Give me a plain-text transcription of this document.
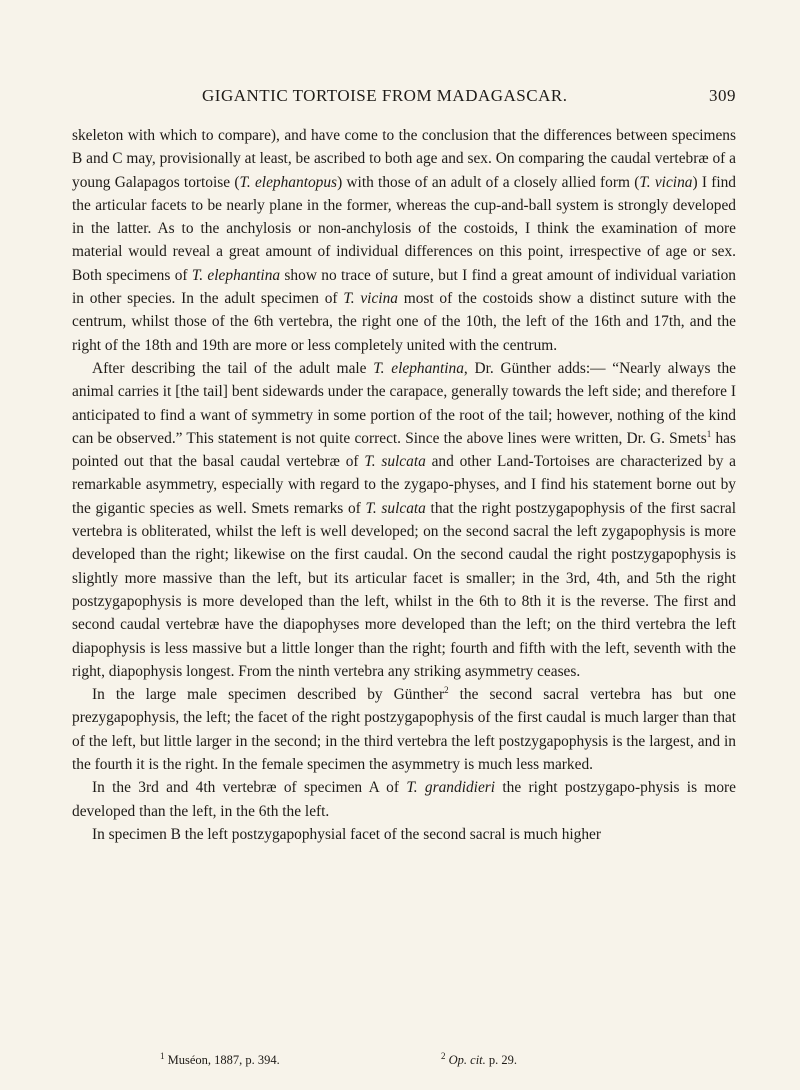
GIGANTIC TORTOISE FROM MADAGASCAR.	309

skeleton with which to compare), and have come to the conclusion that the differences between specimens B and C may, provisionally at least, be ascribed to both age and sex. On comparing the caudal vertebræ of a young Galapagos tortoise (T. elephantopus) with those of an adult of a closely allied form (T. vicina) I find the articular facets to be nearly plane in the former, whereas the cup-and-ball system is strongly developed in the latter. As to the anchylosis or non-anchylosis of the costoids, I think the examination of more material would reveal a great amount of individual differences on this point, irrespective of age or sex. Both specimens of T. elephantina show no trace of suture, but I find a great amount of individual variation in other species. In the adult specimen of T. vicina most of the costoids show a distinct suture with the centrum, whilst those of the 6th vertebra, the right one of the 10th, the left of the 16th and 17th, and the right of the 18th and 19th are more or less completely united with the centrum.

After describing the tail of the adult male T. elephantina, Dr. Günther adds:— “Nearly always the animal carries it [the tail] bent sidewards under the carapace, generally towards the left side; and therefore I anticipated to find a want of symmetry in some portion of the root of the tail; however, nothing of the kind can be observed.” This statement is not quite correct. Since the above lines were written, Dr. G. Smets$^1$ has pointed out that the basal caudal vertebræ of T. sulcata and other Land-Tortoises are characterized by a remarkable asymmetry, especially with regard to the zygapo-physes, and I find his statement borne out by the gigantic species as well. Smets remarks of T. sulcata that the right postzygapophysis of the first sacral vertebra is obliterated, whilst the left is well developed; on the second sacral the left zygapophysis is more developed than the right; likewise on the first caudal. On the second caudal the right postzygapophysis is slightly more massive than the left, but its articular facet is smaller; in the 3rd, 4th, and 5th the right postzygapophysis is more developed than the left, whilst in the 6th to 8th it is the reverse. The first and second caudal vertebræ have the diapophyses more developed than the left; on the third vertebra the left diapophysis is less massive but a little longer than the right; fourth and fifth with the left, seventh with the right, diapophysis longest. From the ninth vertebra any striking asymmetry ceases.

In the large male specimen described by Günther$^2$ the second sacral vertebra has but one prezygapophysis, the left; the facet of the right postzygapophysis of the first caudal is much larger than that of the left, but little larger in the second; in the third vertebra the left postzygapophysis is the largest, and in the fourth it is the right. In the female specimen the asymmetry is much less marked.

In the 3rd and 4th vertebræ of specimen A of T. grandidieri the right postzygapo-physis is more developed than the left, in the 6th the left.

In specimen B the left postzygapophysial facet of the second sacral is much higher

$^1$ Muséon, 1887, p. 394.	$^2$ Op. cit. p. 29.
